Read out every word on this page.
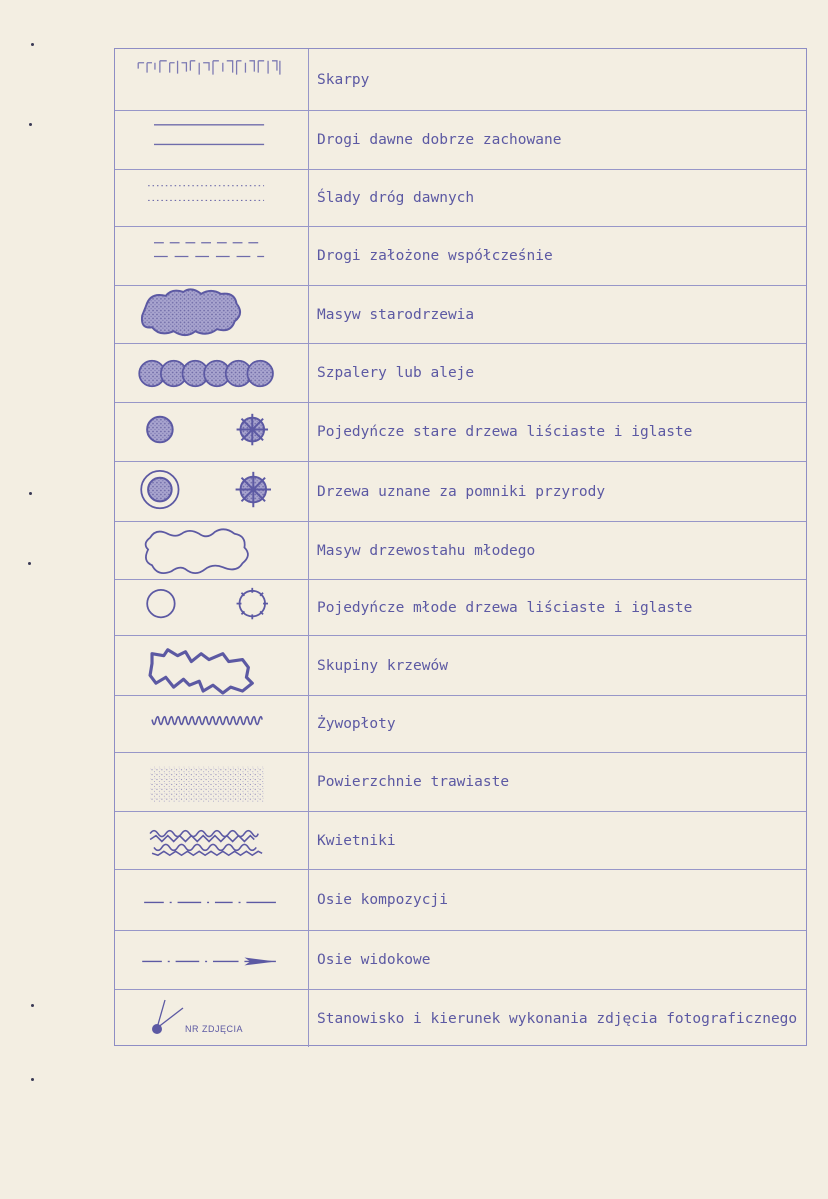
Skarpy
Drogi dawne dobrze zachowane
Ślady dróg dawnych
Drogi założone współcześnie
Masyw starodrzewia
Szpalery lub aleje
Pojedyńcze stare drzewa liściaste i iglaste
Drzewa uznane za pomniki przyrody
Masyw drzewostahu młodego
Pojedyńcze młode drzewa liściaste i iglaste
Skupiny krzewów
Żywopłoty
Powierzchnie trawiaste
Kwietniki
Osie kompozycji
Osie widokowe
NR ZDJĘCIA
Stanowisko i kierunek wykonania zdjęcia fotograficznego
